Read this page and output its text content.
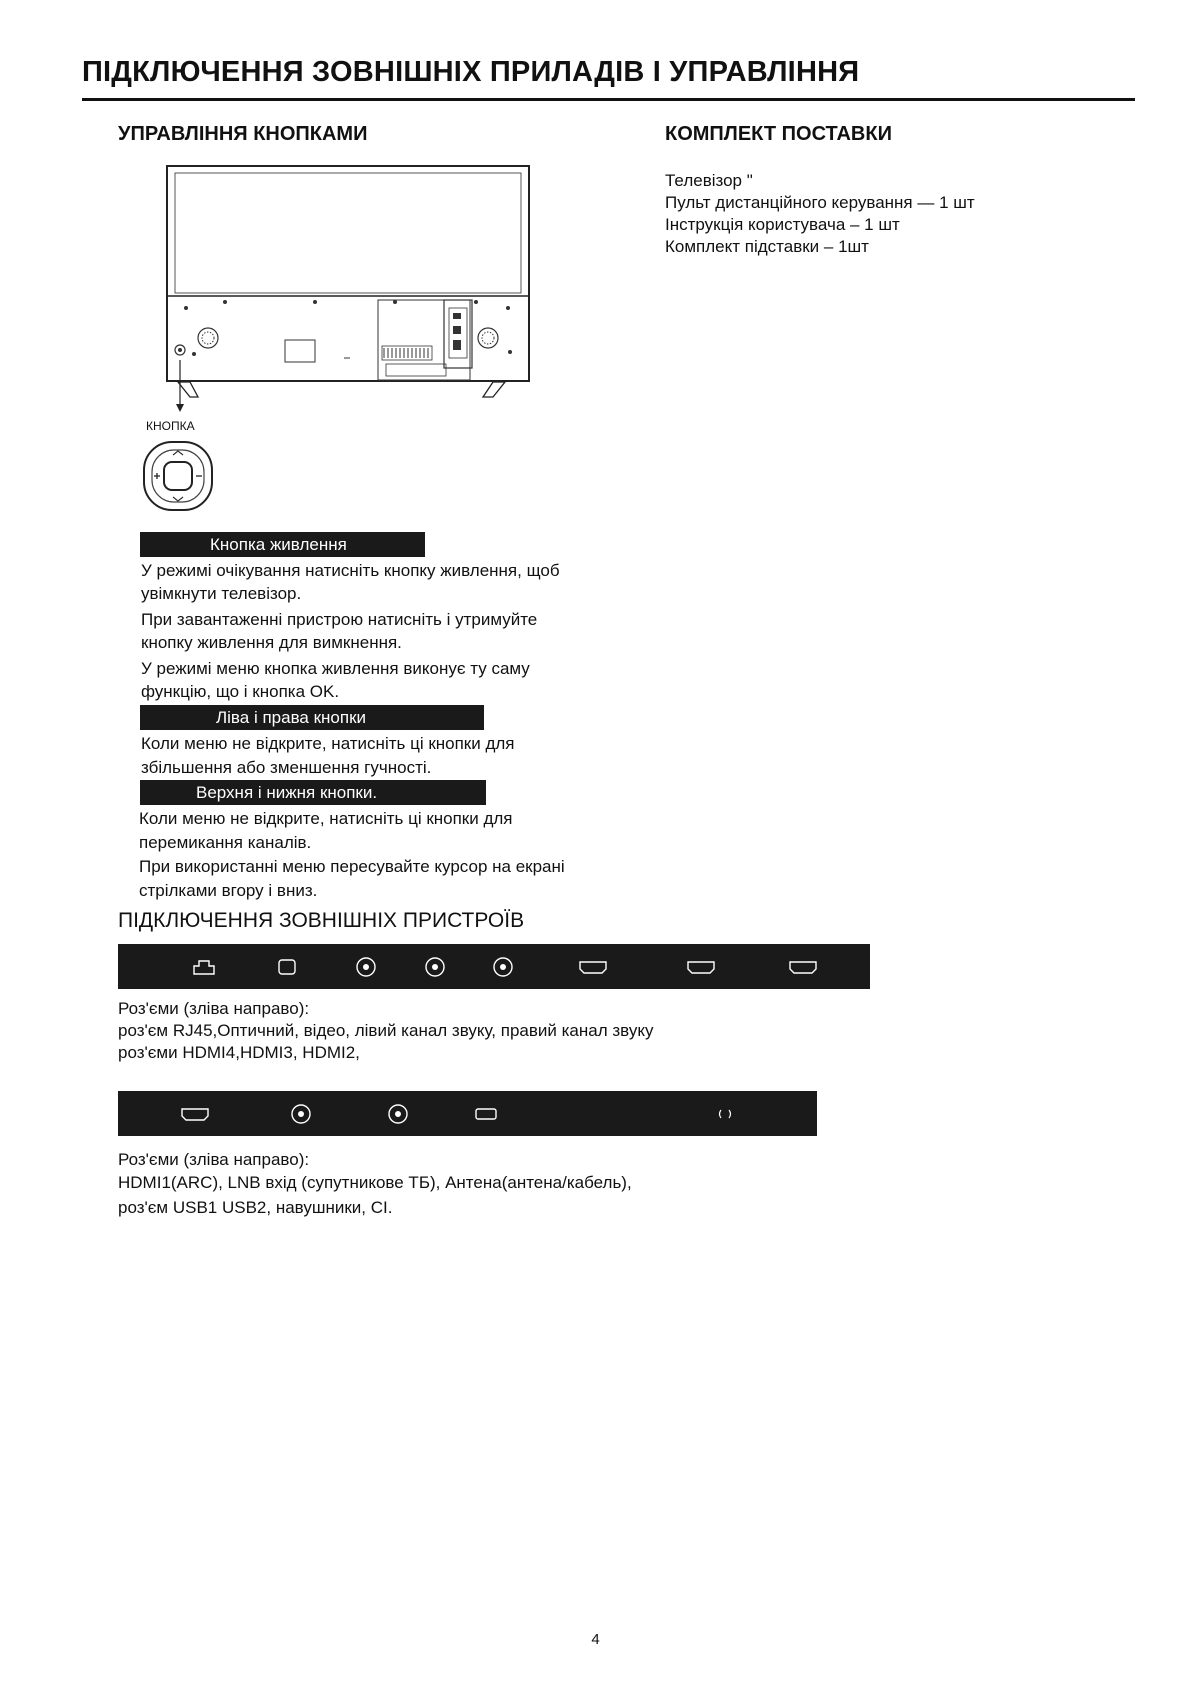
ПІДКЛЮЧЕННЯ ЗОВНІШНІХ ПРИЛАДІВ І УПРАВЛІННЯ
УПРАВЛІННЯ КНОПКАМИ
КНОПКА
Кнопка живлення
У режимі очікування натисніть кнопку живлення, щоб
увімкнути телевізор.
При завантаженні пристрою натисніть і утримуйте
кнопку живлення для вимкнення.
У режимі меню кнопка живлення виконує ту саму
функцію, що і кнопка OK.
Ліва і права кнопки
Коли меню не відкрите, натисніть ці кнопки для
збільшення або зменшення гучності.
Верхня і нижня кнопки.
Коли меню не відкрите, натисніть ці кнопки для
перемикання каналів.
При використанні меню пересувайте курсор на екрані
стрілками вгору і вниз.
КОМПЛЕКТ ПОСТАВКИ

Телевізор "

Пульт дистанційного керування — 1 шт

Інструкція користувача – 1 шт

Комплект підставки – 1шт

ПІДКЛЮЧЕННЯ ЗОВНІШНІХ ПРИСТРОЇВ
Роз'єми (зліва направо):
роз'єм RJ45,Оптичний, відео, лівий канал звуку, правий канал звуку
роз'єми HDMI4,HDMI3, HDMI2,
Роз'єми (зліва направо):
HDMI1(ARC), LNB вхід (супутникове ТБ), Антена(антена/кабель),
роз'єм USB1 USB2, навушники, CI.
4
